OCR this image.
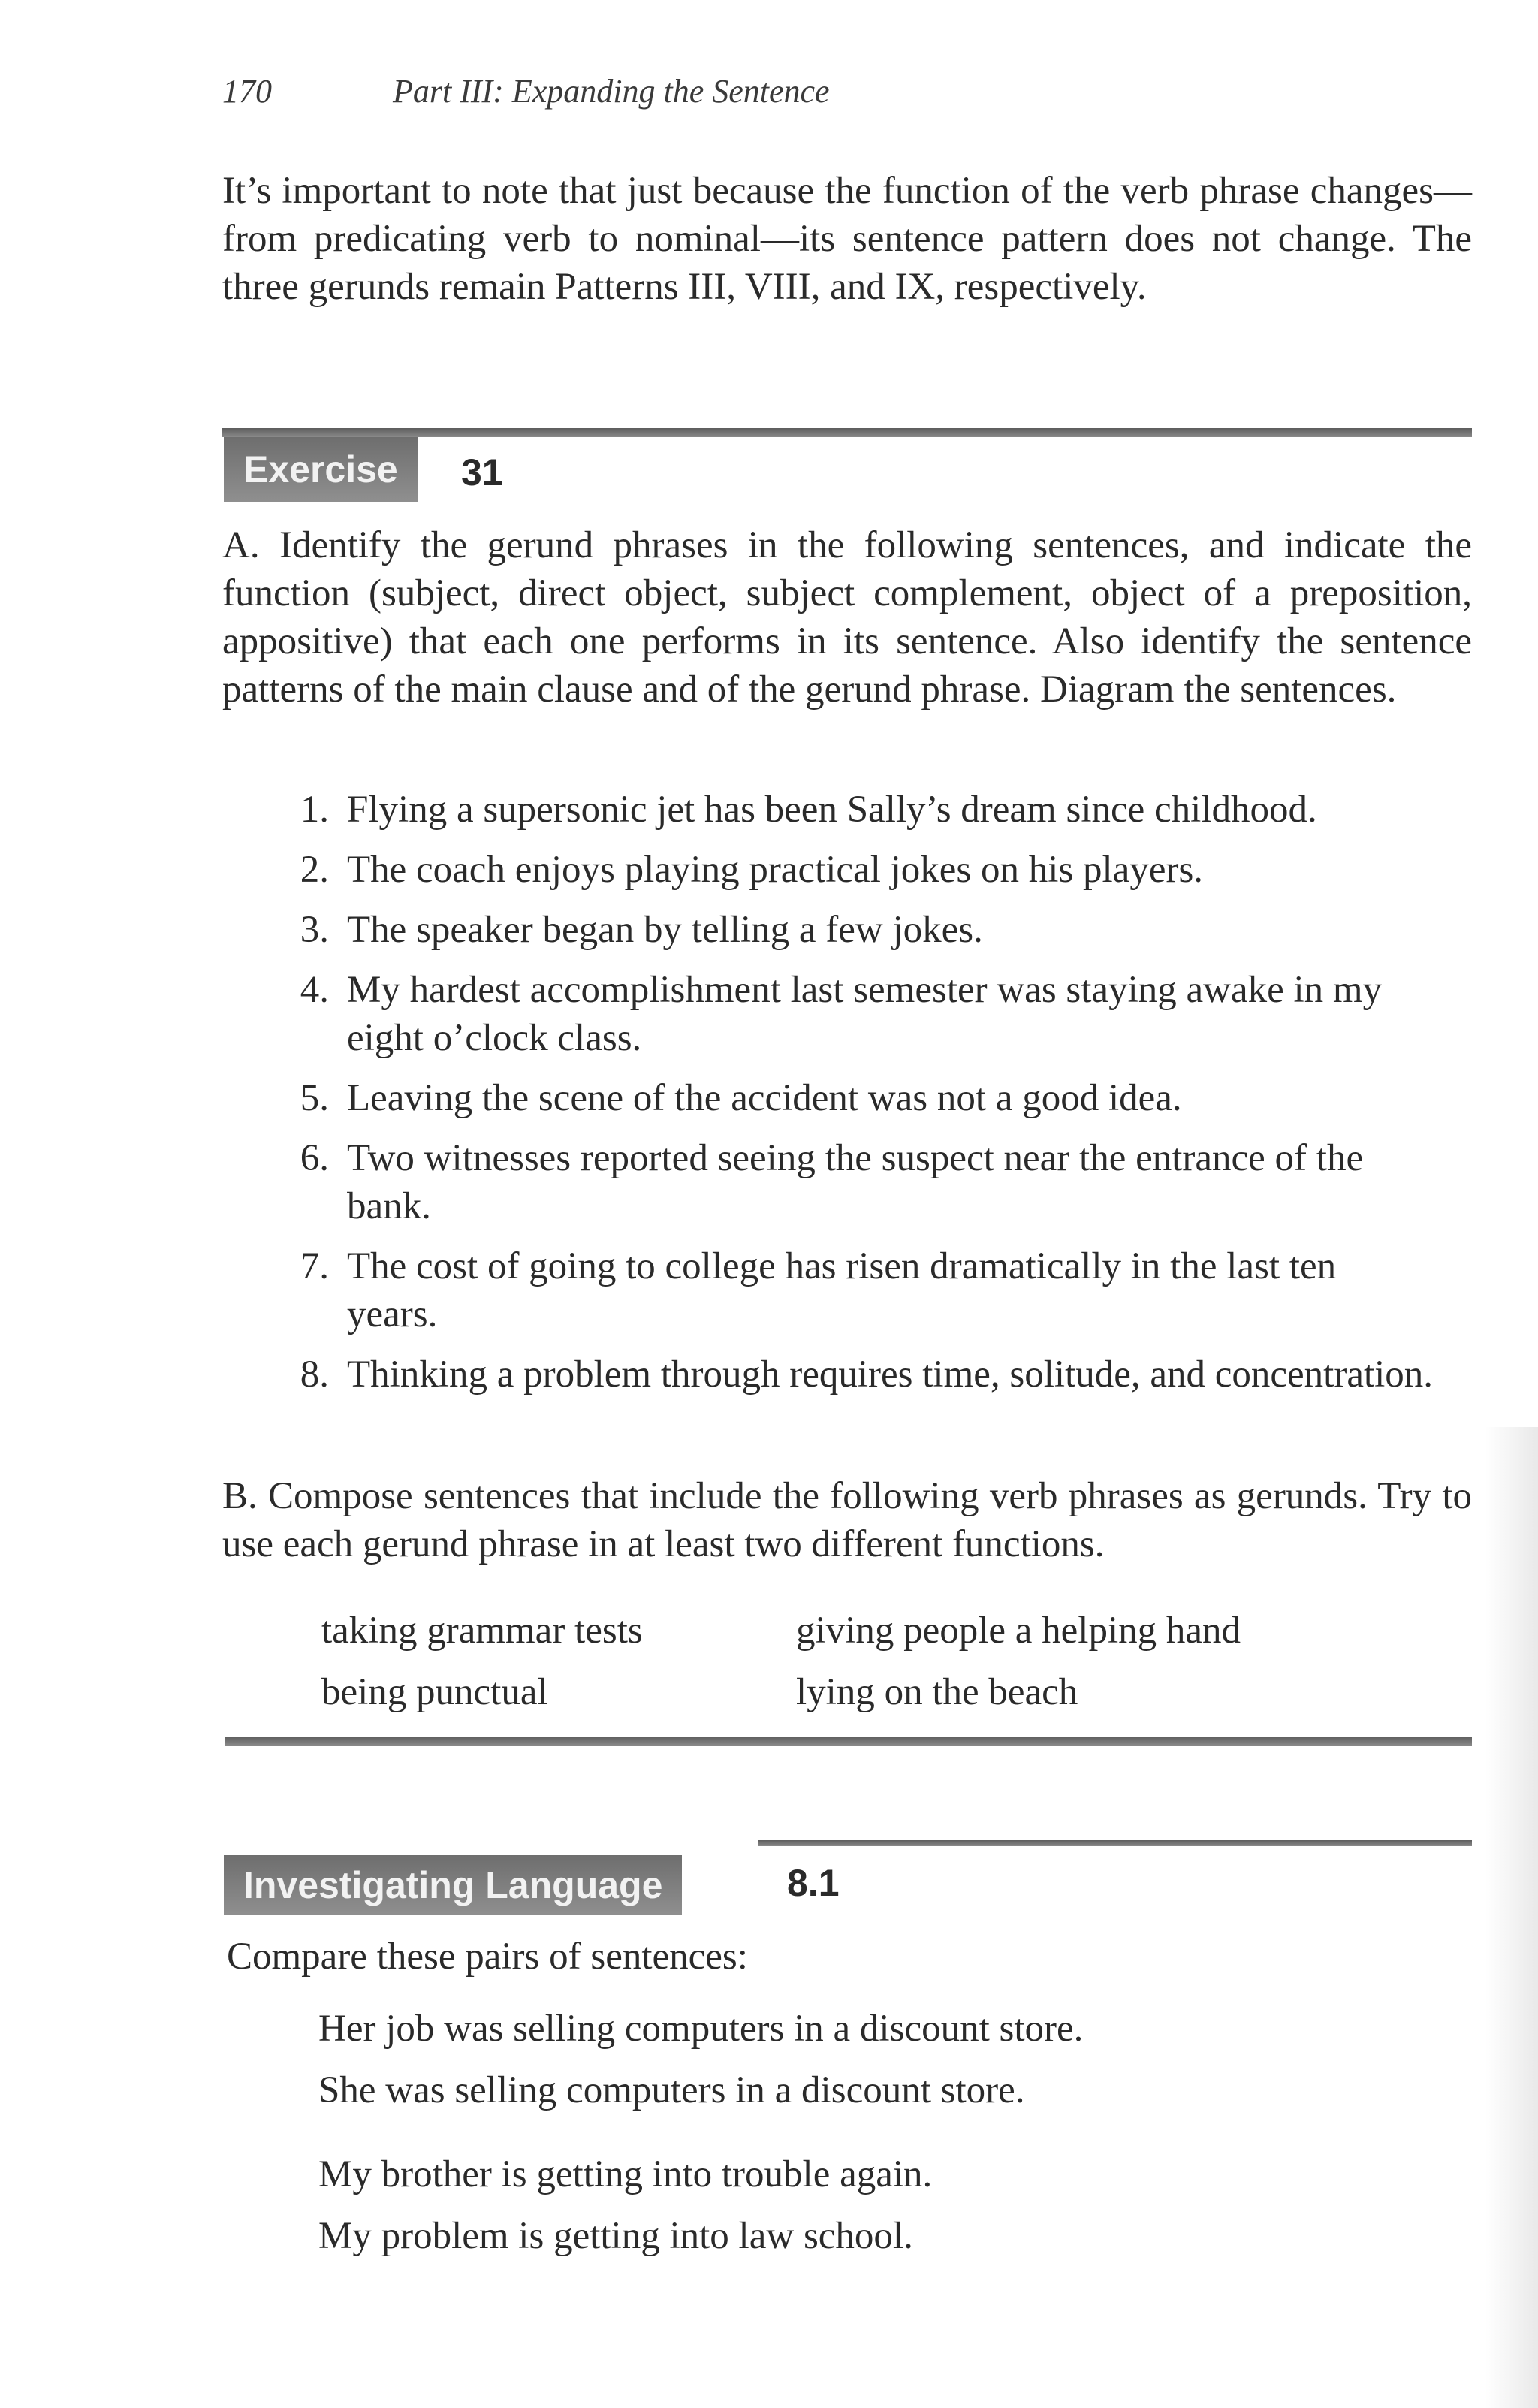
170	Part III: Expanding the Sentence

It’s important to note that just because the function of the verb phrase changes—from predicating verb to nominal—its sentence pattern does not change. The three gerunds remain Patterns III, VIII, and IX, respectively.

Exercise	31

A. Identify the gerund phrases in the following sentences, and indicate the function (subject, direct object, subject complement, object of a preposition, appositive) that each one performs in its sentence. Also identify the sentence patterns of the main clause and of the gerund phrase. Diagram the sentences.

1. Flying a supersonic jet has been Sally’s dream since childhood.
2. The coach enjoys playing practical jokes on his players.
3. The speaker began by telling a few jokes.
4. My hardest accomplishment last semester was staying awake in my eight o’clock class.
5. Leaving the scene of the accident was not a good idea.
6. Two witnesses reported seeing the suspect near the entrance of the bank.
7. The cost of going to college has risen dramatically in the last ten years.
8. Thinking a problem through requires time, solitude, and concentration.

B. Compose sentences that include the following verb phrases as gerunds. Try to use each gerund phrase in at least two different functions.

taking grammar tests	giving people a helping hand
being punctual	lying on the beach
Investigating Language	8.1
Compare these pairs of sentences:
Her job was selling computers in a discount store.
She was selling computers in a discount store.
My brother is getting into trouble again.
My problem is getting into law school.
